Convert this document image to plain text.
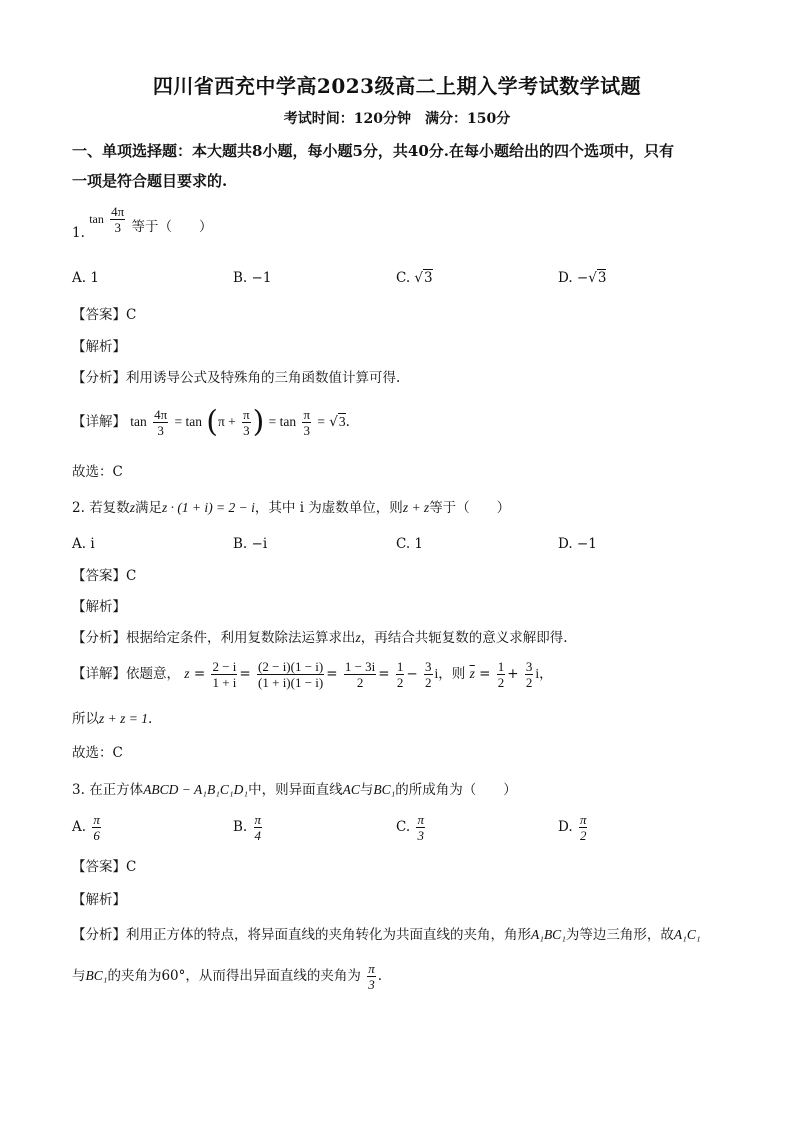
四川省西充中学高2023级高二上期入学考试数学试题
考试时间：120分钟　满分：150分
一、单项选择题：本大题共8小题，每小题5分，共40分.在每小题给出的四个选项中，只有
一项是符合题目要求的.
1. $\tan \frac{4\pi}{3}$ 等于（　　）
A. 1	B. −1	C. √3	D. −√3
【答案】C
【解析】
【分析】利用诱导公式及特殊角的三角函数值计算可得.
【详解】 $\tan \frac{4\pi}{3} = \tan (\pi + \frac{\pi}{3}$ ) = $\tan \frac{\pi}{3} = √3$.
故选：C
2. 若复数z满足z · (1 + i) = 2 − i，其中 i 为虚数单位，则z + z等于（　　）
A. i	B. −i	C. 1	D. −1
【答案】C
【解析】
【分析】根据给定条件，利用复数除法运算求出z，再结合共轭复数的意义求解即得.
【详解】依题意， $z = \frac{2 - i}{1 + i} = \frac{(2 - i)(1 - i)}{(1 + i)(1 - i)} = \frac{1 - 3i}{2} = \frac{1}{2} - \frac{3}{2}$ i，则 $\overline{z} = \frac{1}{2} + \frac{3}{2}$ i，
所以z + z = 1.
故选：C
3. 在正方体ABCD − A₁B₁C₁D₁中，则异面直线AC与BC₁的所成角为（　　）
A. $\frac{\pi}{6}$	B. $\frac{\pi}{4}$	C. $\frac{\pi}{3}$	D. $\frac{\pi}{2}$
【答案】C
【解析】
【分析】利用正方体的特点，将异面直线的夹角转化为共面直线的夹角，角形A₁BC₁为等边三角形，故A₁C₁
与BC₁的夹角为60°，从而得出异面直线的夹角为 $\frac{\pi}{3}$ .
